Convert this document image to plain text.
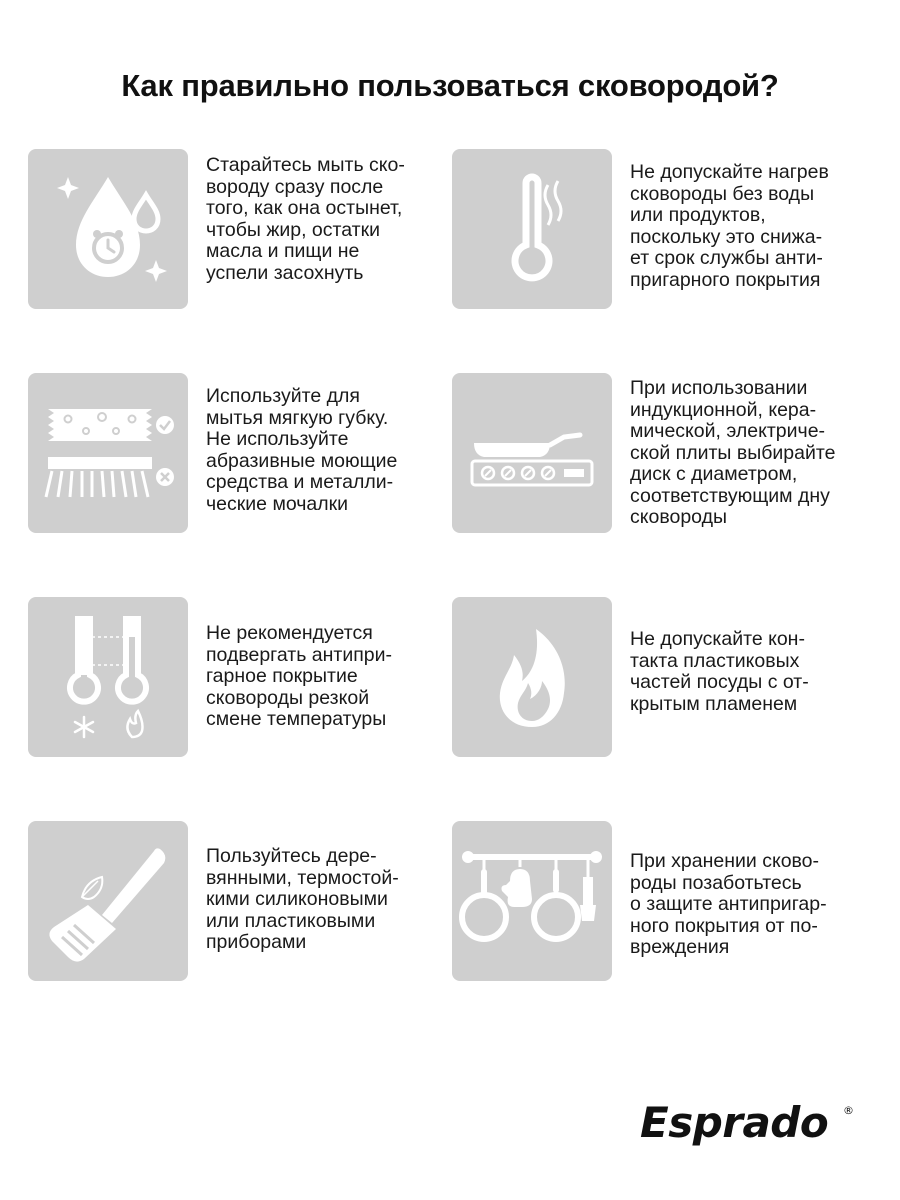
Как правильно пользоваться сковородой?
Старайтесь мыть ско-
вороду сразу после
того, как она остынет,
чтобы жир, остатки
масла и пищи не
успели засохнуть
Не допускайте нагрев
сковороды без воды
или продуктов,
поскольку это снижа-
ет срок службы анти-
пригарного покрытия
Используйте для
мытья мягкую губку.
Не используйте
абразивные моющие
средства и металли-
ческие мочалки
При использовании
индукционной, кера-
мической, электриче-
ской плиты выбирайте
диск с диаметром,
соответствующим дну
сковороды
Не рекомендуется
подвергать антипри-
гарное покрытие
сковороды резкой
смене температуры
Не допускайте кон-
такта пластиковых
частей посуды с от-
крытым пламенем
Пользуйтесь дере-
вянными, термостой-
кими силиконовыми
или пластиковыми
приборами
При хранении сково-
роды позаботьтесь
о защите антипригар-
ного покрытия от по-
вреждения
Esprado ®
